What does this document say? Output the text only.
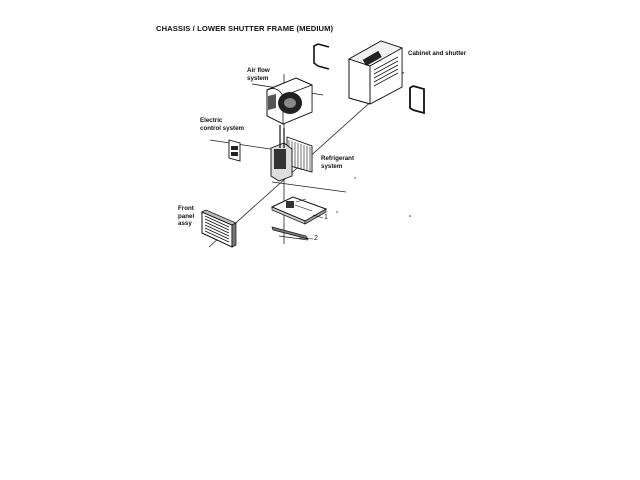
CHASSIS / LOWER SHUTTER FRAME (MEDIUM)
Cabinet and shutter
Air flow
system
Electric
control system
Refrigerant
system
Front
panel
assy
1
2
